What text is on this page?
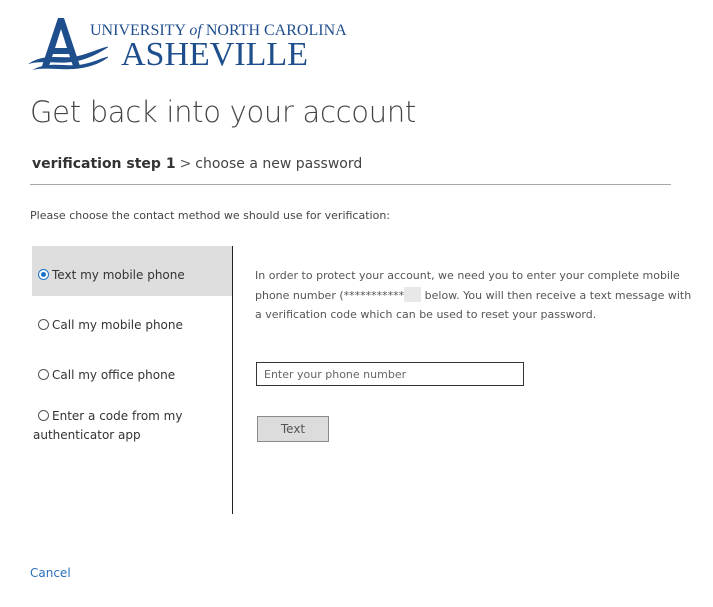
UNIVERSITY of NORTH CAROLINA
ASHEVILLE
Get back into your account
verification step 1 > choose a new password
Please choose the contact method we should use for verification:
Text my mobile phone
Call my mobile phone
Call my office phone
Enter a code from my
authenticator app
In order to protect your account, we need you to enter your complete mobile phone number (*********** below. You will then receive a text message with a verification code which can be used to reset your password.
Enter your phone number
Text
Cancel
